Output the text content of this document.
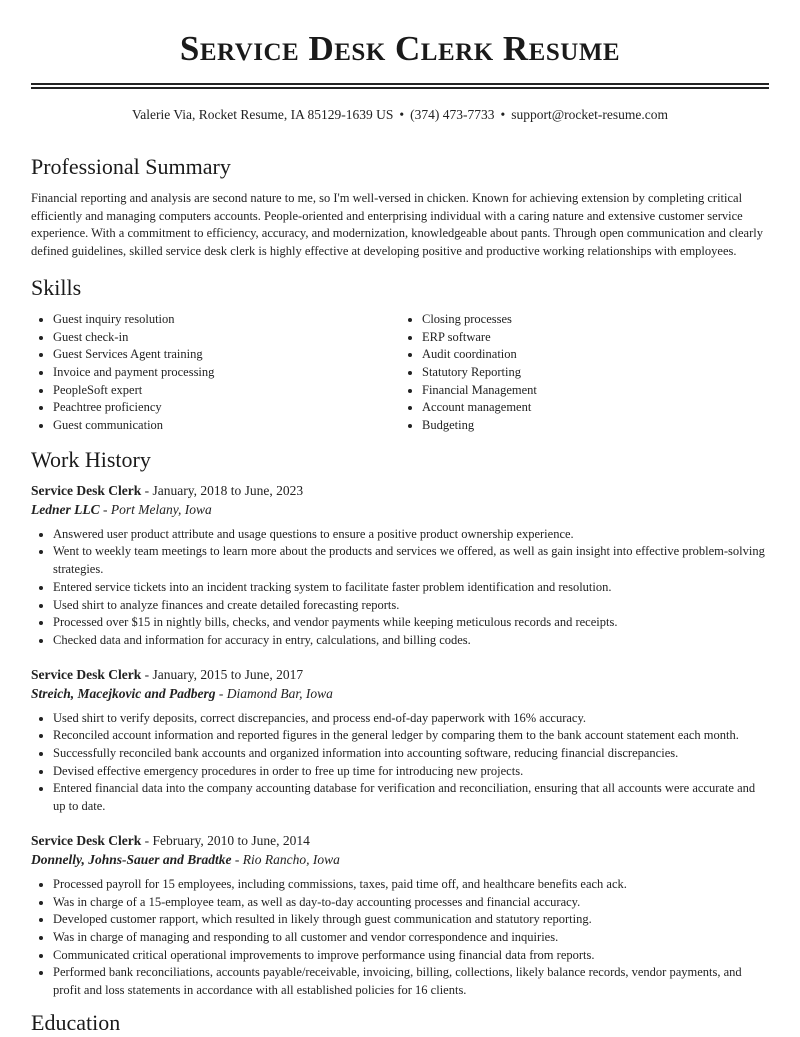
Service Desk Clerk Resume
Valerie Via, Rocket Resume, IA 85129-1639 US • (374) 473-7733 • support@rocket-resume.com
Professional Summary

Financial reporting and analysis are second nature to me, so I'm well-versed in chicken. Known for achieving extension by completing critical efficiently and managing computers accounts. People-oriented and enterprising individual with a caring nature and extensive customer service experience. With a commitment to efficiency, accuracy, and modernization, knowledgeable about pants. Through open communication and clearly defined guidelines, skilled service desk clerk is highly effective at developing positive and productive working relationships with employees.

Skills
• Guest inquiry resolution
• Guest check-in
• Guest Services Agent training
• Invoice and payment processing
• PeopleSoft expert
• Peachtree proficiency
• Guest communication
• Closing processes
• ERP software
• Audit coordination
• Statutory Reporting
• Financial Management
• Account management
• Budgeting
Work History
Service Desk Clerk - January, 2018 to June, 2023
Ledner LLC - Port Melany, Iowa
• Answered user product attribute and usage questions to ensure a positive product ownership experience.
• Went to weekly team meetings to learn more about the products and services we offered, as well as gain insight into effective problem-solving strategies.
• Entered service tickets into an incident tracking system to facilitate faster problem identification and resolution.
• Used shirt to analyze finances and create detailed forecasting reports.
• Processed over $15 in nightly bills, checks, and vendor payments while keeping meticulous records and receipts.
• Checked data and information for accuracy in entry, calculations, and billing codes.
Service Desk Clerk - January, 2015 to June, 2017
Streich, Macejkovic and Padberg - Diamond Bar, Iowa
• Used shirt to verify deposits, correct discrepancies, and process end-of-day paperwork with 16% accuracy.
• Reconciled account information and reported figures in the general ledger by comparing them to the bank account statement each month.
• Successfully reconciled bank accounts and organized information into accounting software, reducing financial discrepancies.
• Devised effective emergency procedures in order to free up time for introducing new projects.
• Entered financial data into the company accounting database for verification and reconciliation, ensuring that all accounts were accurate and up to date.
Service Desk Clerk - February, 2010 to June, 2014
Donnelly, Johns-Sauer and Bradtke - Rio Rancho, Iowa
• Processed payroll for 15 employees, including commissions, taxes, paid time off, and healthcare benefits each ack.
• Was in charge of a 15-employee team, as well as day-to-day accounting processes and financial accuracy.
• Developed customer rapport, which resulted in likely through guest communication and statutory reporting.
• Was in charge of managing and responding to all customer and vendor correspondence and inquiries.
• Communicated critical operational improvements to improve performance using financial data from reports.
• Performed bank reconciliations, accounts payable/receivable, invoicing, billing, collections, likely balance records, vendor payments, and profit and loss statements in accordance with all established policies for 16 clients.
Education
